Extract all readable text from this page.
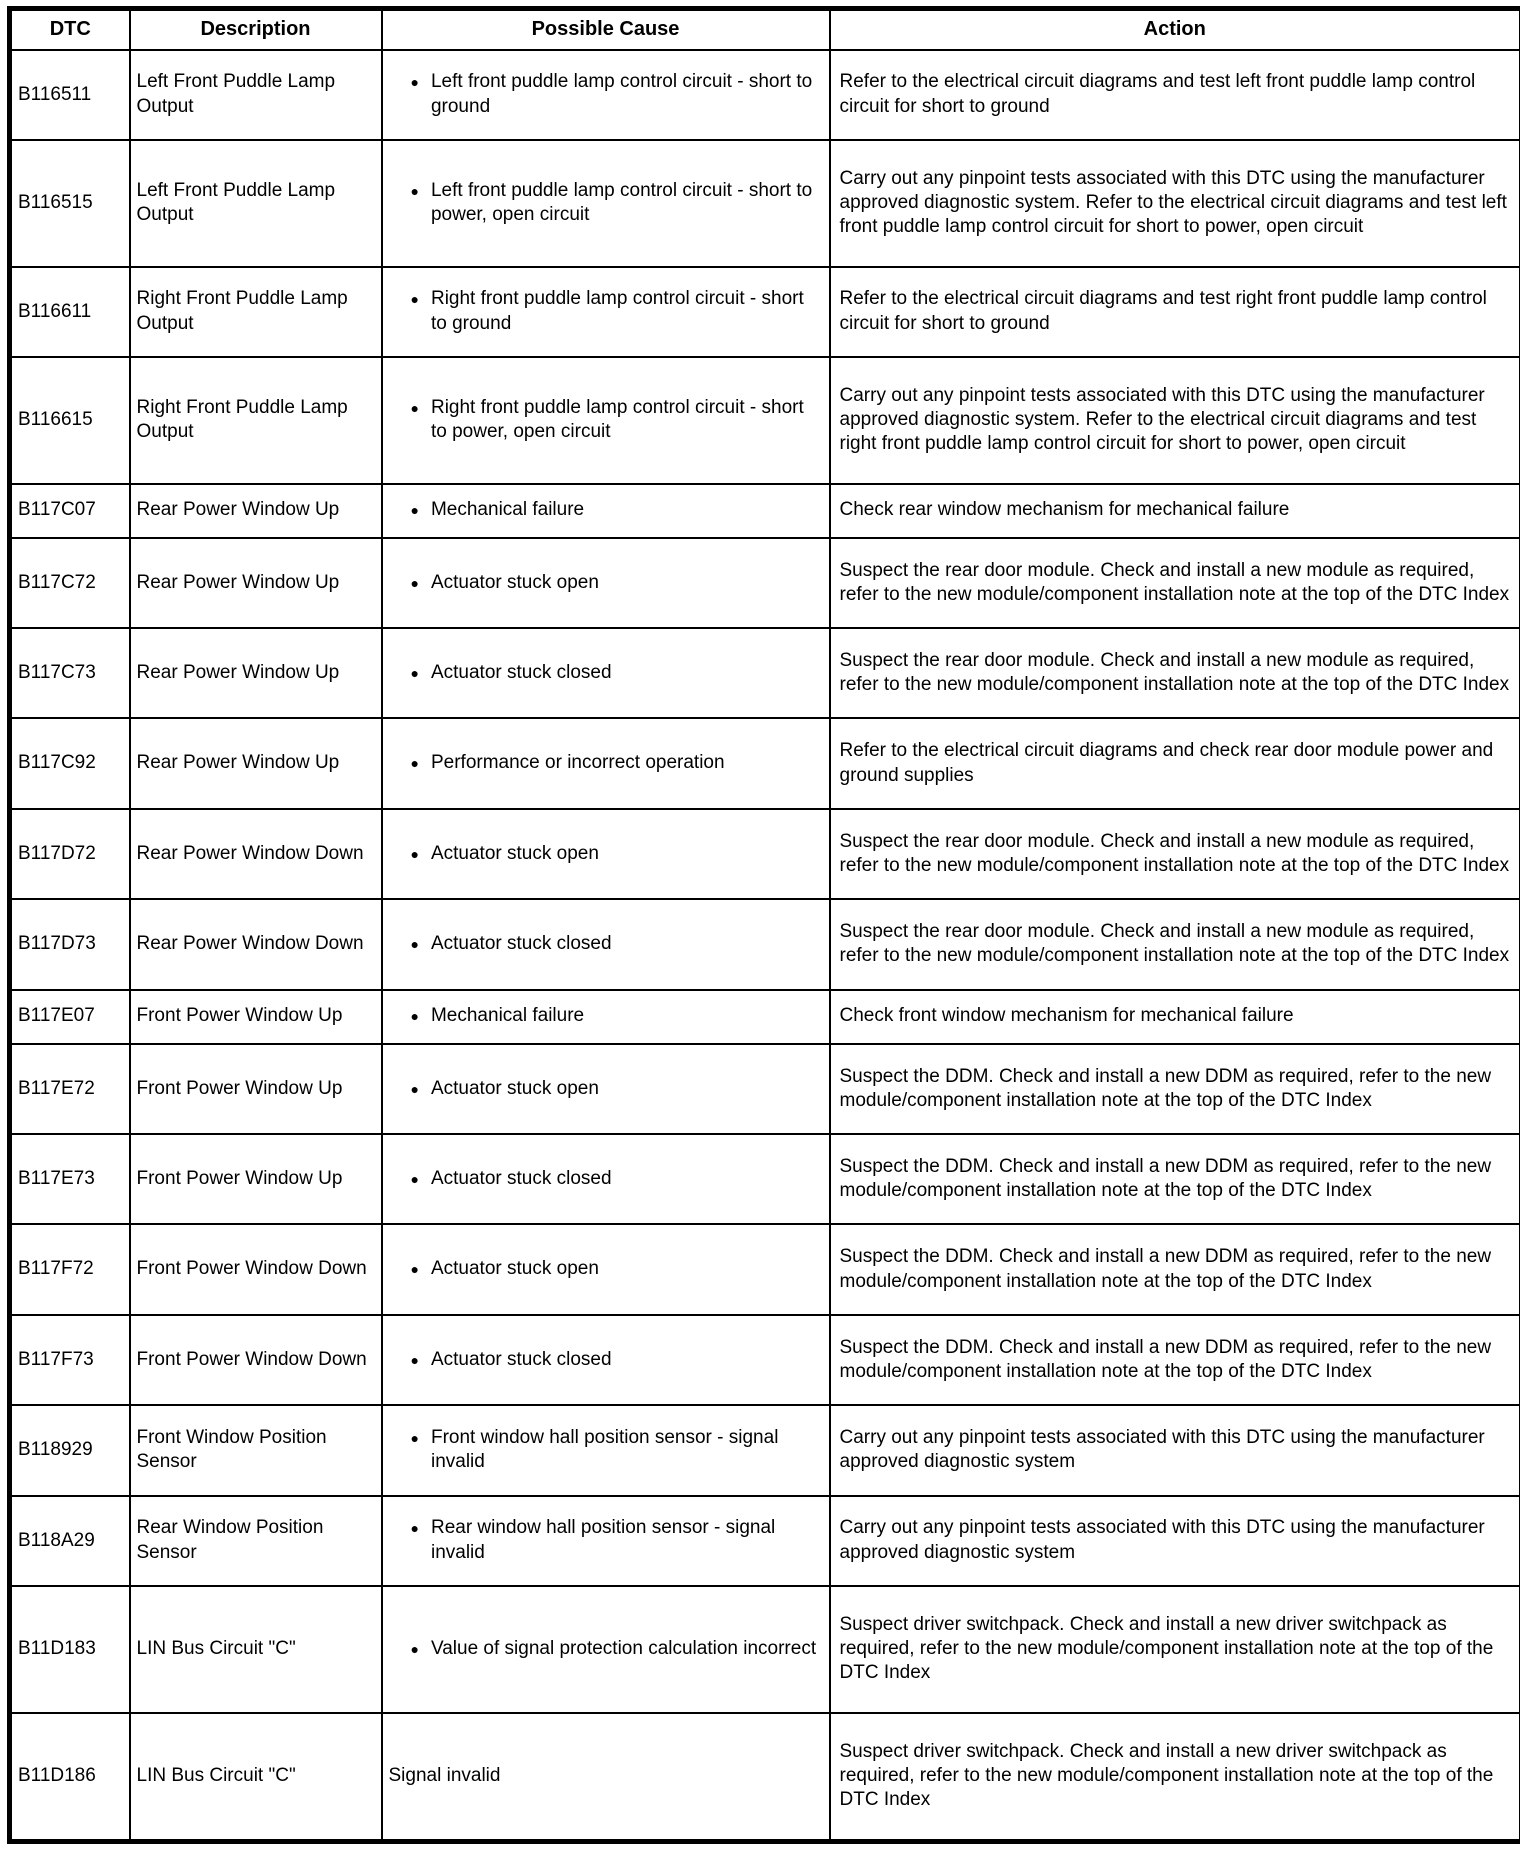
DTC	Description	Possible Cause	Action
B116511	Left Front Puddle Lamp Output	● Left front puddle lamp control circuit - short to ground	Refer to the electrical circuit diagrams and test left front puddle lamp control circuit for short to ground
B116515	Left Front Puddle Lamp Output	● Left front puddle lamp control circuit - short to power, open circuit	Carry out any pinpoint tests associated with this DTC using the manufacturer approved diagnostic system. Refer to the electrical circuit diagrams and test left front puddle lamp control circuit for short to power, open circuit
B116611	Right Front Puddle Lamp Output	● Right front puddle lamp control circuit - short to ground	Refer to the electrical circuit diagrams and test right front puddle lamp control circuit for short to ground
B116615	Right Front Puddle Lamp Output	● Right front puddle lamp control circuit - short to power, open circuit	Carry out any pinpoint tests associated with this DTC using the manufacturer approved diagnostic system. Refer to the electrical circuit diagrams and test right front puddle lamp control circuit for short to power, open circuit
B117C07	Rear Power Window Up	● Mechanical failure	Check rear window mechanism for mechanical failure
B117C72	Rear Power Window Up	● Actuator stuck open	Suspect the rear door module. Check and install a new module as required, refer to the new module/component installation note at the top of the DTC Index
B117C73	Rear Power Window Up	● Actuator stuck closed	Suspect the rear door module. Check and install a new module as required, refer to the new module/component installation note at the top of the DTC Index
B117C92	Rear Power Window Up	● Performance or incorrect operation	Refer to the electrical circuit diagrams and check rear door module power and ground supplies
B117D72	Rear Power Window Down	● Actuator stuck open	Suspect the rear door module. Check and install a new module as required, refer to the new module/component installation note at the top of the DTC Index
B117D73	Rear Power Window Down	● Actuator stuck closed	Suspect the rear door module. Check and install a new module as required, refer to the new module/component installation note at the top of the DTC Index
B117E07	Front Power Window Up	● Mechanical failure	Check front window mechanism for mechanical failure
B117E72	Front Power Window Up	● Actuator stuck open	Suspect the DDM. Check and install a new DDM as required, refer to the new module/component installation note at the top of the DTC Index
B117E73	Front Power Window Up	● Actuator stuck closed	Suspect the DDM. Check and install a new DDM as required, refer to the new module/component installation note at the top of the DTC Index
B117F72	Front Power Window Down	● Actuator stuck open	Suspect the DDM. Check and install a new DDM as required, refer to the new module/component installation note at the top of the DTC Index
B117F73	Front Power Window Down	● Actuator stuck closed	Suspect the DDM. Check and install a new DDM as required, refer to the new module/component installation note at the top of the DTC Index
B118929	Front Window Position Sensor	● Front window hall position sensor - signal invalid	Carry out any pinpoint tests associated with this DTC using the manufacturer approved diagnostic system
B118A29	Rear Window Position Sensor	● Rear window hall position sensor - signal invalid	Carry out any pinpoint tests associated with this DTC using the manufacturer approved diagnostic system
B11D183	LIN Bus Circuit "C"	● Value of signal protection calculation incorrect	Suspect driver switchpack. Check and install a new driver switchpack as required, refer to the new module/component installation note at the top of the DTC Index
B11D186	LIN Bus Circuit "C"	Signal invalid	Suspect driver switchpack. Check and install a new driver switchpack as required, refer to the new module/component installation note at the top of the DTC Index
